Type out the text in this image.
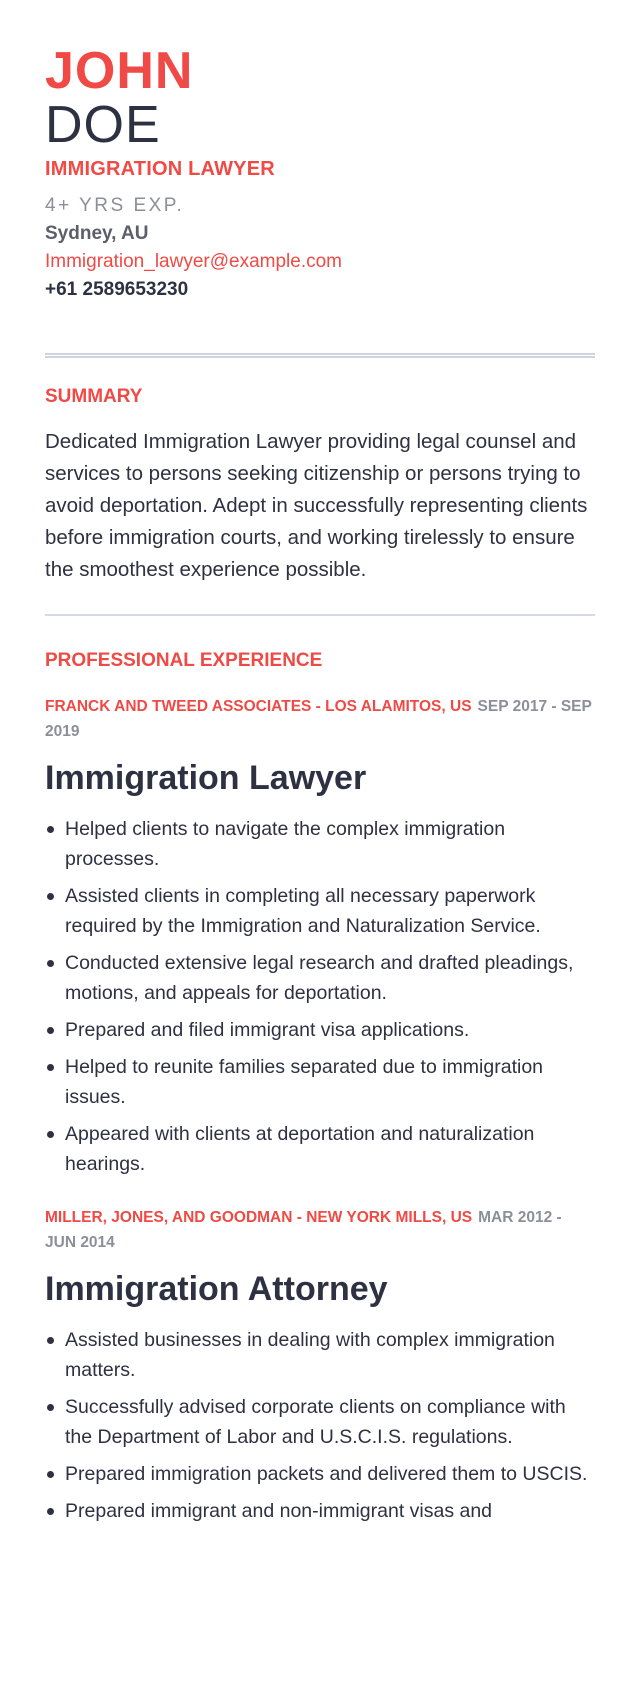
JOHN
DOE
IMMIGRATION LAWYER
4+ YRS EXP.
Sydney, AU
Immigration_lawyer@example.com
+61 2589653230
SUMMARY
Dedicated Immigration Lawyer providing legal counsel and services to persons seeking citizenship or persons trying to avoid deportation. Adept in successfully representing clients before immigration courts, and working tirelessly to ensure the smoothest experience possible.
PROFESSIONAL EXPERIENCE
FRANCK AND TWEED ASSOCIATES - LOS ALAMITOS, US SEP 2017 - SEP 2019
Immigration Lawyer
Helped clients to navigate the complex immigration processes.
Assisted clients in completing all necessary paperwork required by the Immigration and Naturalization Service.
Conducted extensive legal research and drafted pleadings, motions, and appeals for deportation.
Prepared and filed immigrant visa applications.
Helped to reunite families separated due to immigration issues.
Appeared with clients at deportation and naturalization hearings.
MILLER, JONES, AND GOODMAN - NEW YORK MILLS, US MAR 2012 - JUN 2014
Immigration Attorney
Assisted businesses in dealing with complex immigration matters.
Successfully advised corporate clients on compliance with the Department of Labor and U.S.C.I.S. regulations.
Prepared immigration packets and delivered them to USCIS.
Prepared immigrant and non-immigrant visas and
